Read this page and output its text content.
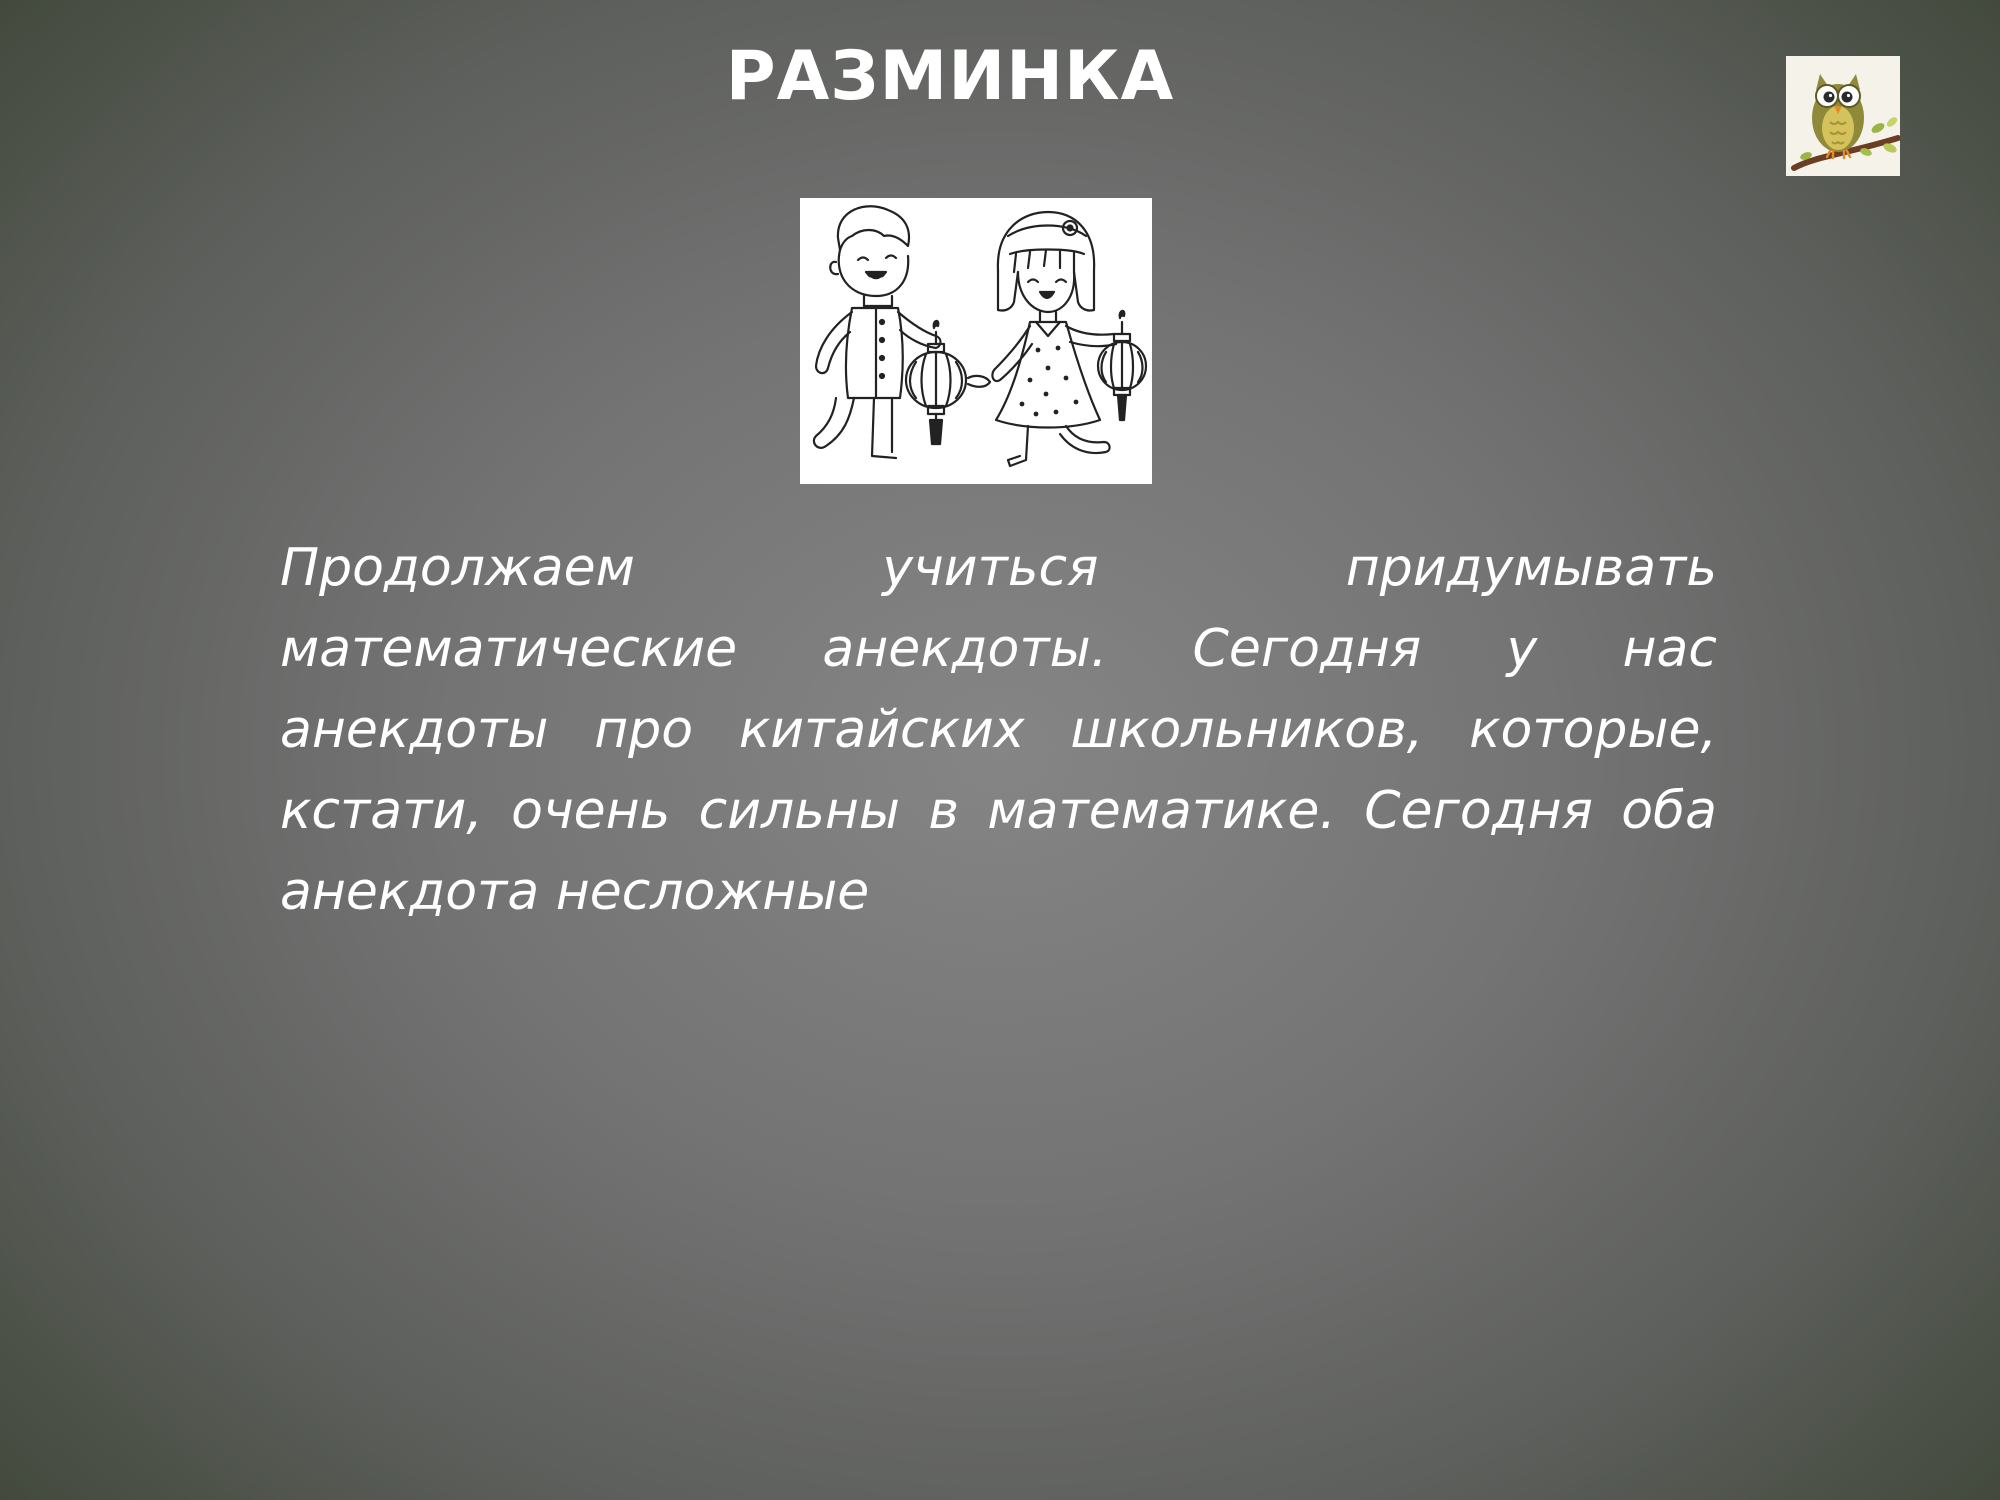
РАЗМИНКА

Продолжаем учиться придумывать математические анекдоты. Сегодня у нас анекдоты про китайских школьников, которые, кстати, очень сильны в математике. Сегодня оба анекдота несложные
